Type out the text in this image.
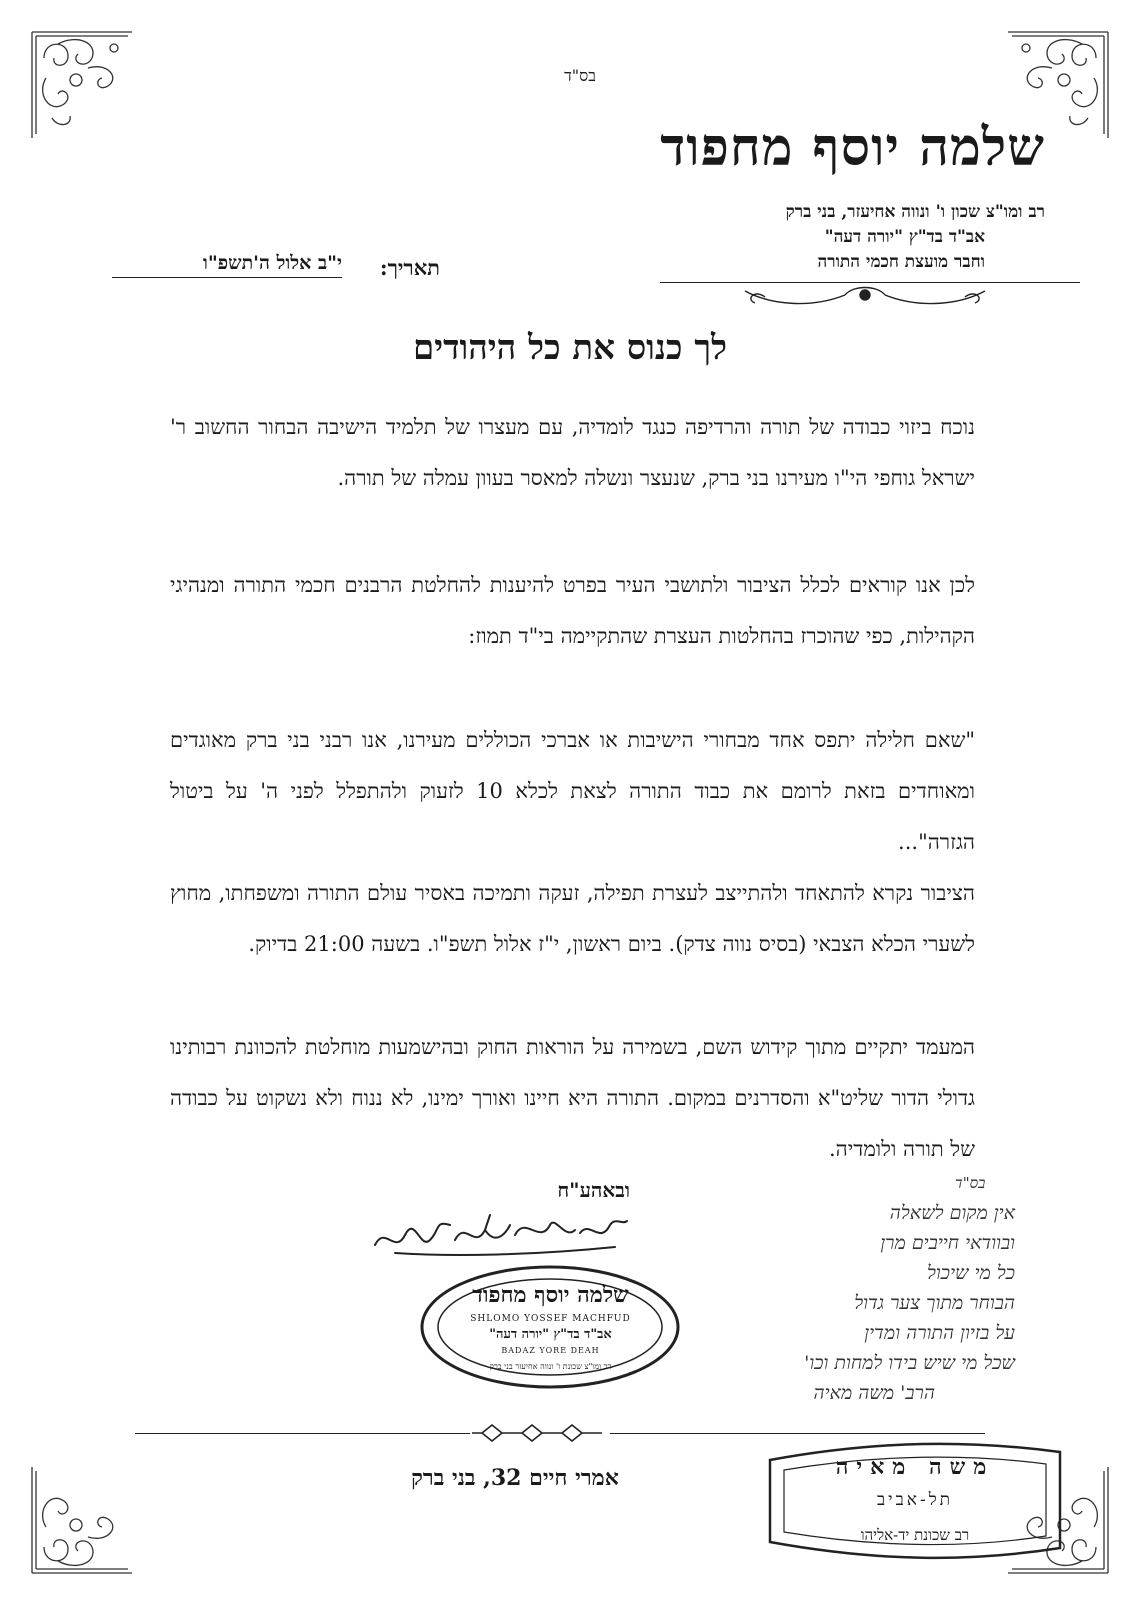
בס"ד
שלמה יוסף מחפוד
רב ומו"צ שכון ו' ונווה אחיעזר, בני ברק
אב"ד בד"ץ "יורה דעה"
וחבר מועצת חכמי התורה
תאריך:
י"ב אלול ה'תשפ"ו
לך כנוס את כל היהודים

נוכח ביזוי כבודה של תורה והרדיפה כנגד לומדיה, עם מעצרו של תלמיד הישיבה הבחור החשוב ר' ישראל גוחפי הי"ו מעירנו בני ברק, שנעצר ונשלה למאסר בעוון עמלה של תורה.

לכן אנו קוראים לכלל הציבור ולתושבי העיר בפרט להיענות להחלטת הרבנים חכמי התורה ומנהיגי הקהילות, כפי שהוכרז בהחלטות העצרת שהתקיימה בי"ד תמוז:

"שאם חלילה יתפס אחד מבחורי הישיבות או אברכי הכוללים מעירנו, אנו רבני בני ברק מאוגדים ומאוחדים בזאת לרומם את כבוד התורה לצאת לכלא 10 לזעוק ולהתפלל לפני ה' על ביטול הגזרה"...

הציבור נקרא להתאחד ולהתייצב לעצרת תפילה, זעקה ותמיכה באסיר עולם התורה ומשפחתו, מחוץ לשערי הכלא הצבאי (בסיס נווה צדק). ביום ראשון, י"ז אלול תשפ"ו. בשעה 21:00 בדיוק.

המעמד יתקיים מתוך קידוש השם, בשמירה על הוראות החוק ובהישמעות מוחלטת להכוונת רבותינו גדולי הדור שליט"א והסדרנים במקום. התורה היא חיינו ואורך ימינו, לא ננוח ולא נשקוט על כבודה של תורה ולומדיה.

ובאהע"ח
שלמה יוסף מחפוד
SHLOMO YOSSEF MACHFUD
אב"ד בד"ץ "יורה דעה"
BADAZ YORE DEAH
רב ומו"צ שכונת ו' ונווה אחיעזר בני ברק
בס"ד
אין מקום לשאלה
ובוודאי חייבים מרן
כל מי שיכול
הבוחר מתוך צער גדול
על בזיון התורה ומדין
שכל מי שיש בידו למחות וכו'
הרב' משה מאיה
אמרי חיים 32, בני ברק	משה מאיה
תל-אביב
רב שכונת יד-אליהו
